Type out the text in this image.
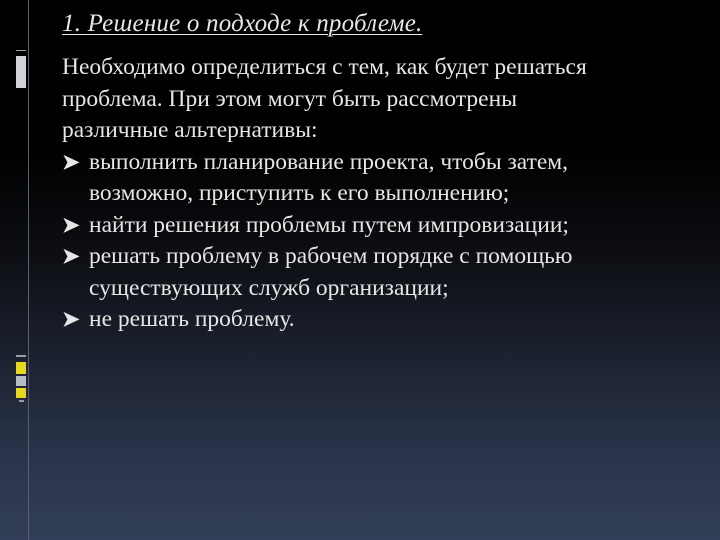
1. Решение о подходе к проблеме.

Необходимо определиться с тем, как будет решаться
проблема. При этом могут быть рассмотрены
различные альтернативы:

➤ выполнить планирование проекта, чтобы затем,
возможно, приступить к его выполнению;
➤ найти решения проблемы путем импровизации;
➤ решать проблему в рабочем порядке с помощью
существующих служб организации;
➤ не решать проблему.
